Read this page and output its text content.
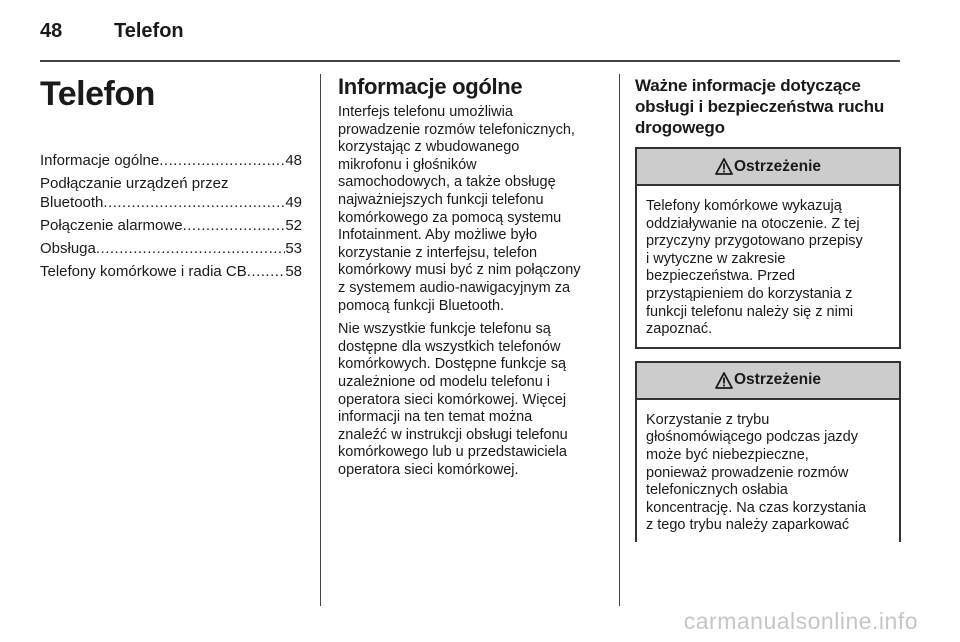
48	Telefon
Telefon
Informacje ogólne .....	48
Podłączanie urządzeń przez
Bluetooth .....	49
Połączenie alarmowe .....	52
Obsługa .....	53
Telefony komórkowe i radia CB .....	58
Informacje ogólne
Interfejs telefonu umożliwia
prowadzenie rozmów telefonicznych,
korzystając z wbudowanego
mikrofonu i głośników
samochodowych, a także obsługę
najważniejszych funkcji telefonu
komórkowego za pomocą systemu
Infotainment. Aby możliwe było
korzystanie z interfejsu, telefon
komórkowy musi być z nim połączony
z systemem audio-nawigacyjnym za
pomocą funkcji Bluetooth.
Nie wszystkie funkcje telefonu są
dostępne dla wszystkich telefonów
komórkowych. Dostępne funkcje są
uzależnione od modelu telefonu i
operatora sieci komórkowej. Więcej
informacji na ten temat można
znaleźć w instrukcji obsługi telefonu
komórkowego lub u przedstawiciela
operatora sieci komórkowej.
Ważne informacje dotyczące
obsługi i bezpieczeństwa ruchu
drogowego
Ostrzeżenie
Telefony komórkowe wykazują
oddziaływanie na otoczenie. Z tej
przyczyny przygotowano przepisy
i wytyczne w zakresie
bezpieczeństwa. Przed
przystąpieniem do korzystania z
funkcji telefonu należy się z nimi
zapoznać.
Ostrzeżenie
Korzystanie z trybu
głośnomówiącego podczas jazdy
może być niebezpieczne,
ponieważ prowadzenie rozmów
telefonicznych osłabia
koncentrację. Na czas korzystania
z tego trybu należy zaparkować
carmanualsonline.info
